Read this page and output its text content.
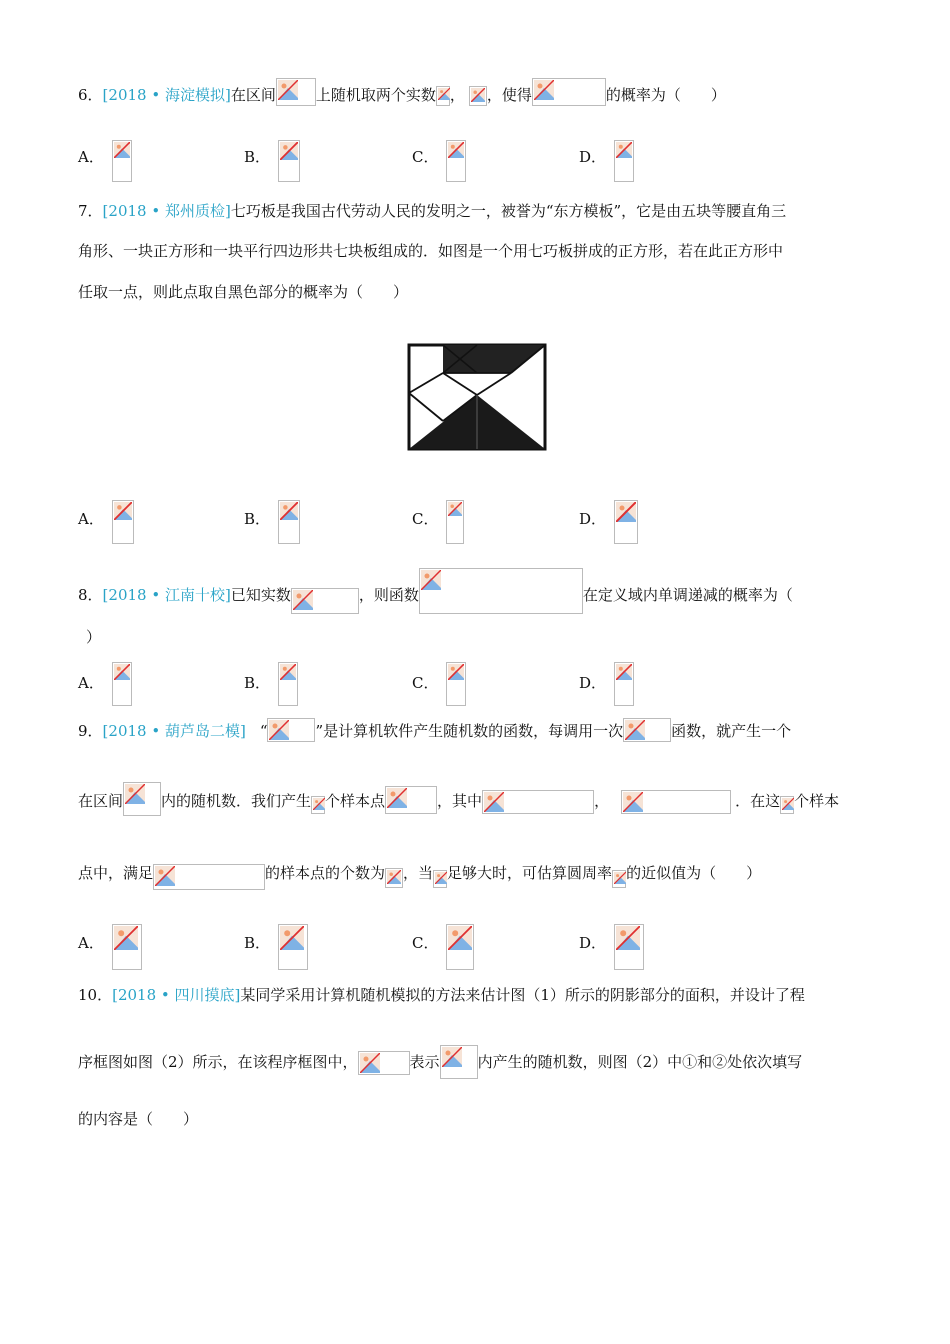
6．[2018 • 海淀模拟]在区间	上随机取两个实数 ， ，使得	的概率为（　　）
A．	B．	C．	D．
7．[2018 • 郑州质检]七巧板是我国古代劳动人民的发明之一，被誉为“东方模板”，它是由五块等腰直角三
角形、一块正方形和一块平行四边形共七块板组成的．如图是一个用七巧板拼成的正方形，若在此正方形中
任取一点，则此点取自黑色部分的概率为（　　）
A．	B．	C．	D．
8．[2018 • 江南十校]已知实数	，则函数	在定义域内单调递减的概率为（
）
A．	B．	C．	D．
9．[2018 • 葫芦岛二模] “	”是计算机软件产生随机数的函数，每调用一次	函数，就产生一个
在区间	内的随机数．我们产生 个样本点	，其中	，	．在这 个样本
点中，满足	的样本点的个数为 ，当 足够大时，可估算圆周率 的近似值为（　　）
A．	B．	C．	D．
10．[2018 • 四川摸底]某同学采用计算机随机模拟的方法来估计图（1）所示的阴影部分的面积，并设计了程
序框图如图（2）所示，在该程序框图中，	表示	内产生的随机数，则图（2）中①和②处依次填写
的内容是（　　）
